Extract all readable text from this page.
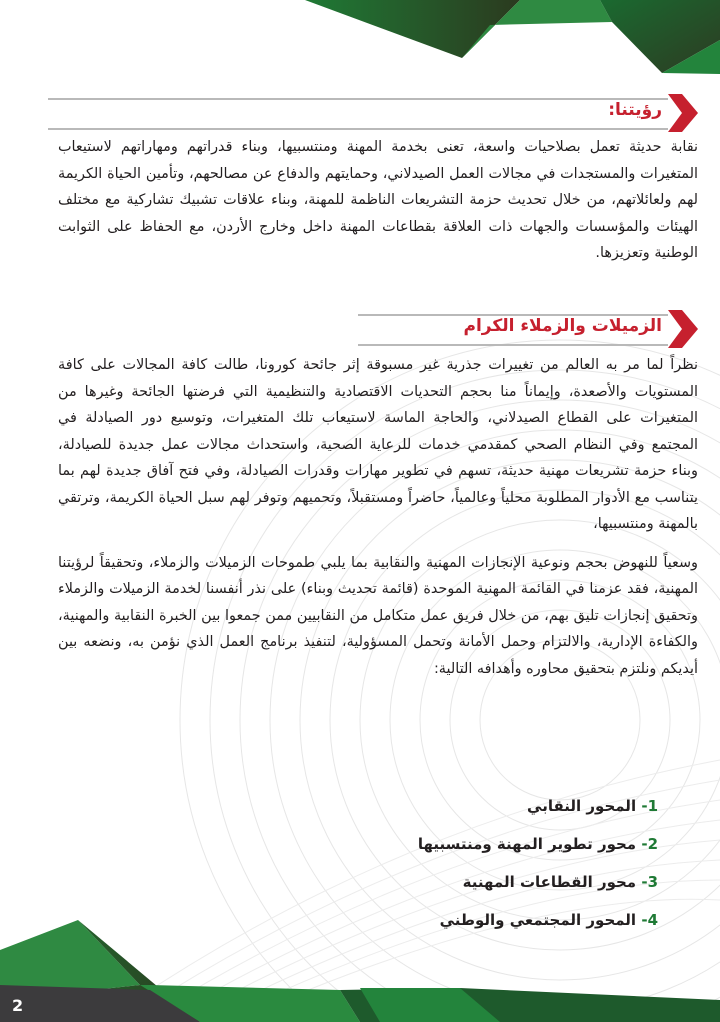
رؤيتنا:

نقابة حديثة تعمل بصلاحيات واسعة، تعنى بخدمة المهنة ومنتسبيها، وبناء قدراتهم ومهاراتهم لاستيعاب المتغيرات والمستجدات في مجالات العمل الصيدلاني، وحمايتهم والدفاع عن مصالحهم، وتأمين الحياة الكريمة لهم ولعائلاتهم، من خلال تحديث حزمة التشريعات الناظمة للمهنة، وبناء علاقات تشبيك تشاركية مع مختلف الهيئات والمؤسسات والجهات ذات العلاقة بقطاعات المهنة داخل وخارج الأردن، مع الحفاظ على الثوابت الوطنية وتعزيزها.

الزميلات والزملاء الكرام

نظراً لما مر به العالم من تغييرات جذرية غير مسبوقة إثر جائحة كورونا، طالت كافة المجالات على كافة المستويات والأصعدة، وإيماناً منا بحجم التحديات الاقتصادية والتنظيمية التي فرضتها الجائحة وغيرها من المتغيرات على القطاع الصيدلاني، والحاجة الماسة لاستيعاب تلك المتغيرات، وتوسيع دور الصيادلة في المجتمع وفي النظام الصحي كمقدمي خدمات للرعاية الصحية، واستحداث مجالات عمل جديدة للصيادلة، وبناء حزمة تشريعات مهنية حديثة، تسهم في تطوير مهارات وقدرات الصيادلة، وفي فتح آفاق جديدة لهم بما يتناسب مع الأدوار المطلوبة محلياً وعالمياً، حاضراً ومستقبلاً، وتحميهم وتوفر لهم سبل الحياة الكريمة، وترتقي بالمهنة ومنتسبيها،

وسعياً للنهوض بحجم ونوعية الإنجازات المهنية والنقابية بما يلبي طموحات الزميلات والزملاء، وتحقيقاً لرؤيتنا المهنية، فقد عزمنا في القائمة المهنية الموحدة (قائمة تحديث وبناء) على نذر أنفسنا لخدمة الزميلات والزملاء وتحقيق إنجازات تليق بهم، من خلال فريق عمل متكامل من النقابيين ممن جمعوا بين الخبرة النقابية والمهنية، والكفاءة الإدارية، والالتزام وحمل الأمانة وتحمل المسؤولية، لتنفيذ برنامج العمل الذي نؤمن به، ونضعه بين أيديكم ونلتزم بتحقيق محاوره وأهدافه التالية:

1- المحور النقابي
2- محور تطوير المهنة ومنتسبيها
3- محور القطاعات المهنية
4- المحور المجتمعي والوطني
2
